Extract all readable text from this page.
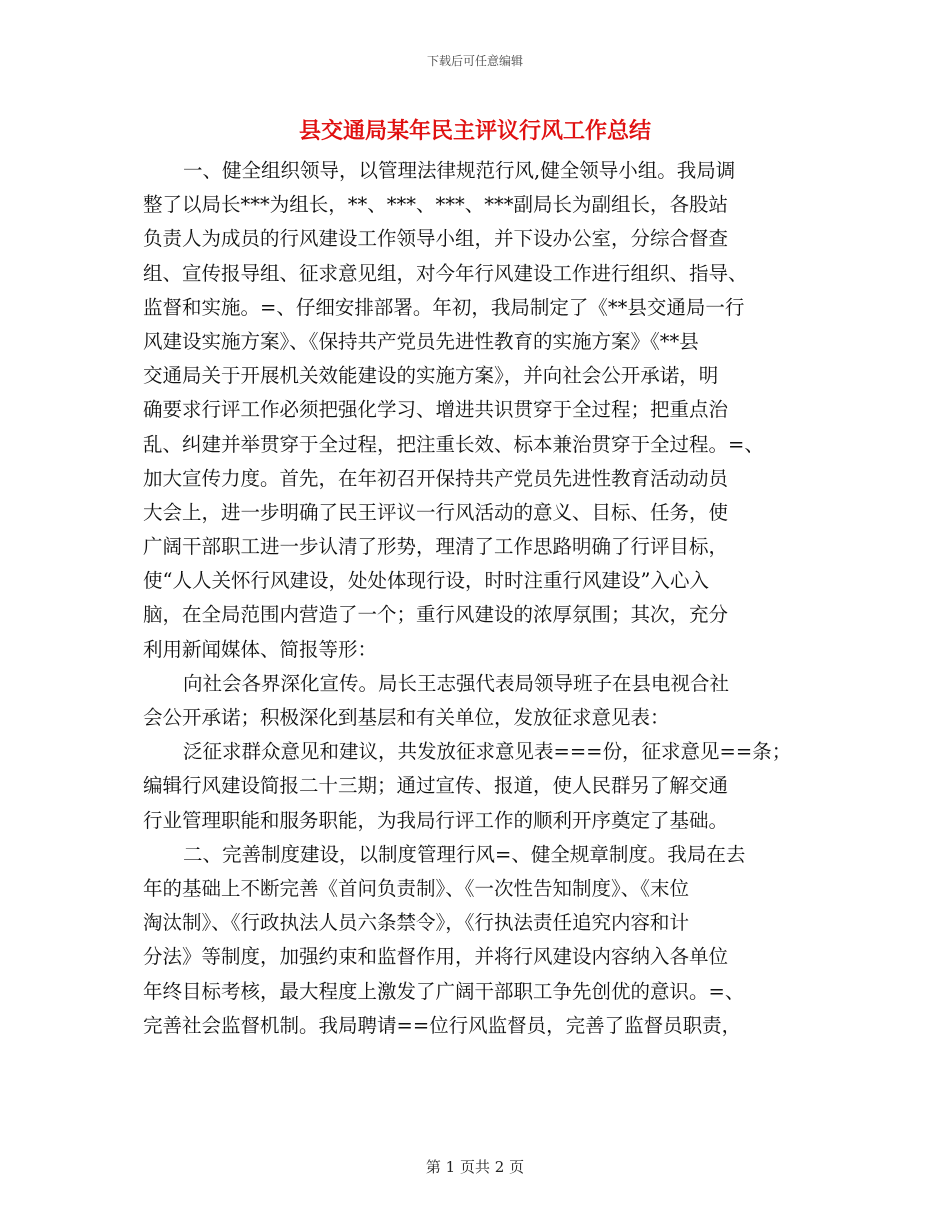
下载后可任意编辑
县交通局某年民主评议行风工作总结
一、健全组织领导，以管理法律规范行风,健全领导小组。我局调
整了以局长***为组长，**、***、***、***副局长为副组长，各股站
负责人为成员的行风建设工作领导小组，并下设办公室，分综合督查
组、宣传报导组、征求意见组，对今年行风建设工作进行组织、指导、
监督和实施。=、仔细安排部署。年初，我局制定了《**县交通局一行
风建设实施方案》、《保持共产党员先进性教育的实施方案》《**县
交通局关于开展机关效能建设的实施方案》，并向社会公开承诺，明
确要求行评工作必须把强化学习、增进共识贯穿于全过程；把重点治
乱、纠建并举贯穿于全过程，把注重长效、标本兼治贯穿于全过程。=、
加大宣传力度。首先，在年初召开保持共产党员先进性教育活动动员
大会上，进一步明确了民王评议一行风活动的意义、目标、任务，使
广阔干部职工进一步认清了形势，理清了工作思路明确了行评目标，
使“人人关怀行风建设，处处体现行设，时时注重行风建设”入心入
脑，在全局范围内营造了一个；重行风建设的浓厚氛围；其次，充分
利用新闻媒体、简报等形：
向社会各界深化宣传。局长王志强代表局领导班子在县电视合社
会公开承诺；积极深化到基层和有关单位，发放征求意见表：
泛征求群众意见和建议，共发放征求意见表===份，征求意见==条；
编辑行风建设简报二十三期；通过宣传、报道，使人民群另了解交通
行业管理职能和服务职能，为我局行评工作的顺利开序奠定了基础。
二、完善制度建设，以制度管理行风=、健全规章制度。我局在去
年的基础上不断完善《首问负责制》、《一次性告知制度》、《末位
淘汰制》、《行政执法人员六条禁令》，《行执法责任追究内容和计
分法》等制度，加强约束和监督作用，并将行风建设内容纳入各单位
年终目标考核，最大程度上激发了广阔干部职工争先创优的意识。=、
完善社会监督机制。我局聘请==位行风监督员，完善了监督员职责，
第 1 页共 2 页
